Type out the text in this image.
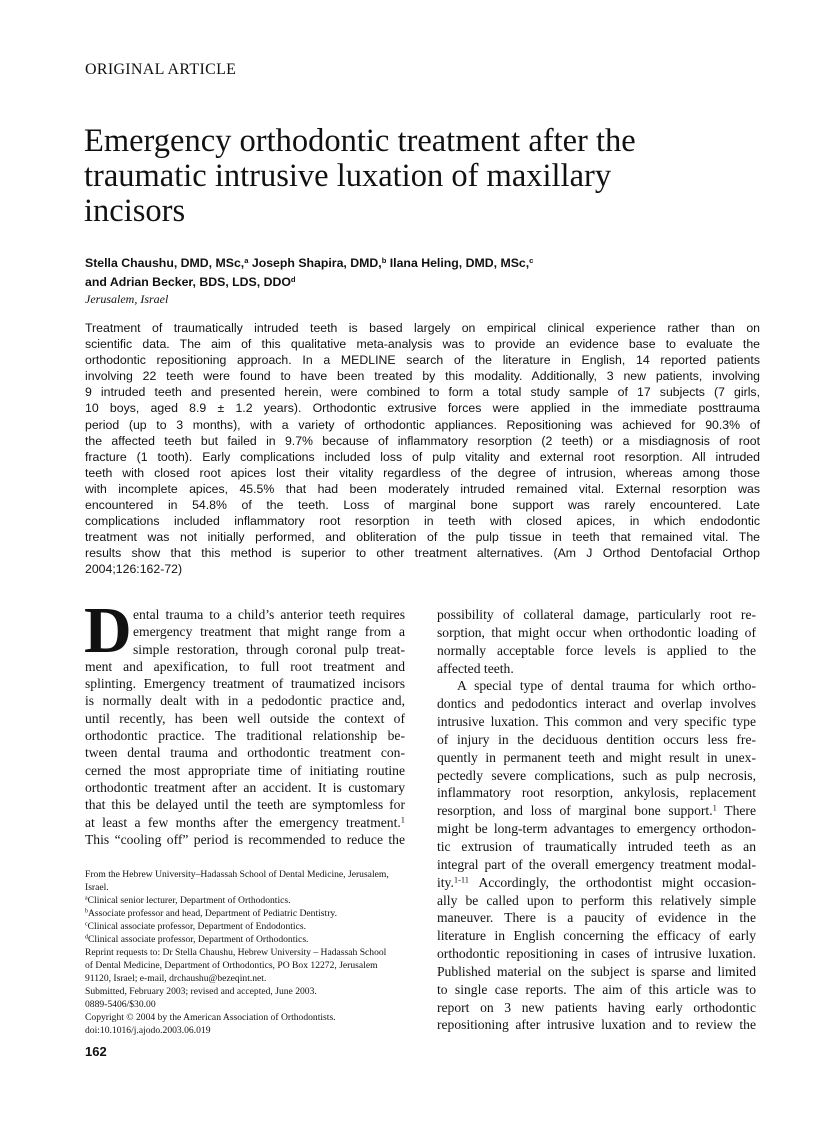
ORIGINAL ARTICLE
Emergency orthodontic treatment after the
traumatic intrusive luxation of maxillary
incisors
Stella Chaushu, DMD, MSc,$^a$ Joseph Shapira, DMD,$^b$ Ilana Heling, DMD, MSc,$^c$
and Adrian Becker, BDS, LDS, DDO$^d$
Jerusalem, Israel
Treatment of traumatically intruded teeth is based largely on empirical clinical experience rather than on
scientific data. The aim of this qualitative meta-analysis was to provide an evidence base to evaluate the
orthodontic repositioning approach. In a MEDLINE search of the literature in English, 14 reported patients
involving 22 teeth were found to have been treated by this modality. Additionally, 3 new patients, involving
9 intruded teeth and presented herein, were combined to form a total study sample of 17 subjects (7 girls,
10 boys, aged 8.9 ± 1.2 years). Orthodontic extrusive forces were applied in the immediate posttrauma
period (up to 3 months), with a variety of orthodontic appliances. Repositioning was achieved for 90.3% of
the affected teeth but failed in 9.7% because of inflammatory resorption (2 teeth) or a misdiagnosis of root
fracture (1 tooth). Early complications included loss of pulp vitality and external root resorption. All intruded
teeth with closed root apices lost their vitality regardless of the degree of intrusion, whereas among those
with incomplete apices, 45.5% that had been moderately intruded remained vital. External resorption was
encountered in 54.8% of the teeth. Loss of marginal bone support was rarely encountered. Late
complications included inflammatory root resorption in teeth with closed apices, in which endodontic
treatment was not initially performed, and obliteration of the pulp tissue in teeth that remained vital. The
results show that this method is superior to other treatment alternatives. (Am J Orthod Dentofacial Orthop
2004;126:162-72)
D ental trauma to a child’s anterior teeth requires
emergency treatment that might range from a
simple restoration, through coronal pulp treat-
ment and apexification, to full root treatment and
splinting. Emergency treatment of traumatized incisors
is normally dealt with in a pedodontic practice and,
until recently, has been well outside the context of
orthodontic practice. The traditional relationship be-
tween dental trauma and orthodontic treatment con-
cerned the most appropriate time of initiating routine
orthodontic treatment after an accident. It is customary
that this be delayed until the teeth are symptomless for
at least a few months after the emergency treatment.$^1$
This “cooling off” period is recommended to reduce the
possibility of collateral damage, particularly root re-
sorption, that might occur when orthodontic loading of
normally acceptable force levels is applied to the
affected teeth.
A special type of dental trauma for which ortho-
dontics and pedodontics interact and overlap involves
intrusive luxation. This common and very specific type
of injury in the deciduous dentition occurs less fre-
quently in permanent teeth and might result in unex-
pectedly severe complications, such as pulp necrosis,
inflammatory root resorption, ankylosis, replacement
resorption, and loss of marginal bone support.$^1$ There
might be long-term advantages to emergency orthodon-
tic extrusion of traumatically intruded teeth as an
integral part of the overall emergency treatment modal-
ity.$^{1-11}$ Accordingly, the orthodontist might occasion-
ally be called upon to perform this relatively simple
maneuver. There is a paucity of evidence in the
literature in English concerning the efficacy of early
orthodontic repositioning in cases of intrusive luxation.
Published material on the subject is sparse and limited
to single case reports. The aim of this article was to
report on 3 new patients having early orthodontic
repositioning after intrusive luxation and to review the
From the Hebrew University–Hadassah School of Dental Medicine, Jerusalem,
Israel.
$^a$Clinical senior lecturer, Department of Orthodontics.
$^b$Associate professor and head, Department of Pediatric Dentistry.
$^c$Clinical associate professor, Department of Endodontics.
$^d$Clinical associate professor, Department of Orthodontics.
Reprint requests to: Dr Stella Chaushu, Hebrew University – Hadassah School
of Dental Medicine, Department of Orthodontics, PO Box 12272, Jerusalem
91120, Israel; e-mail, drchaushu@bezeqint.net.
Submitted, February 2003; revised and accepted, June 2003.
0889-5406/$30.00
Copyright © 2004 by the American Association of Orthodontists.
doi:10.1016/j.ajodo.2003.06.019
162
